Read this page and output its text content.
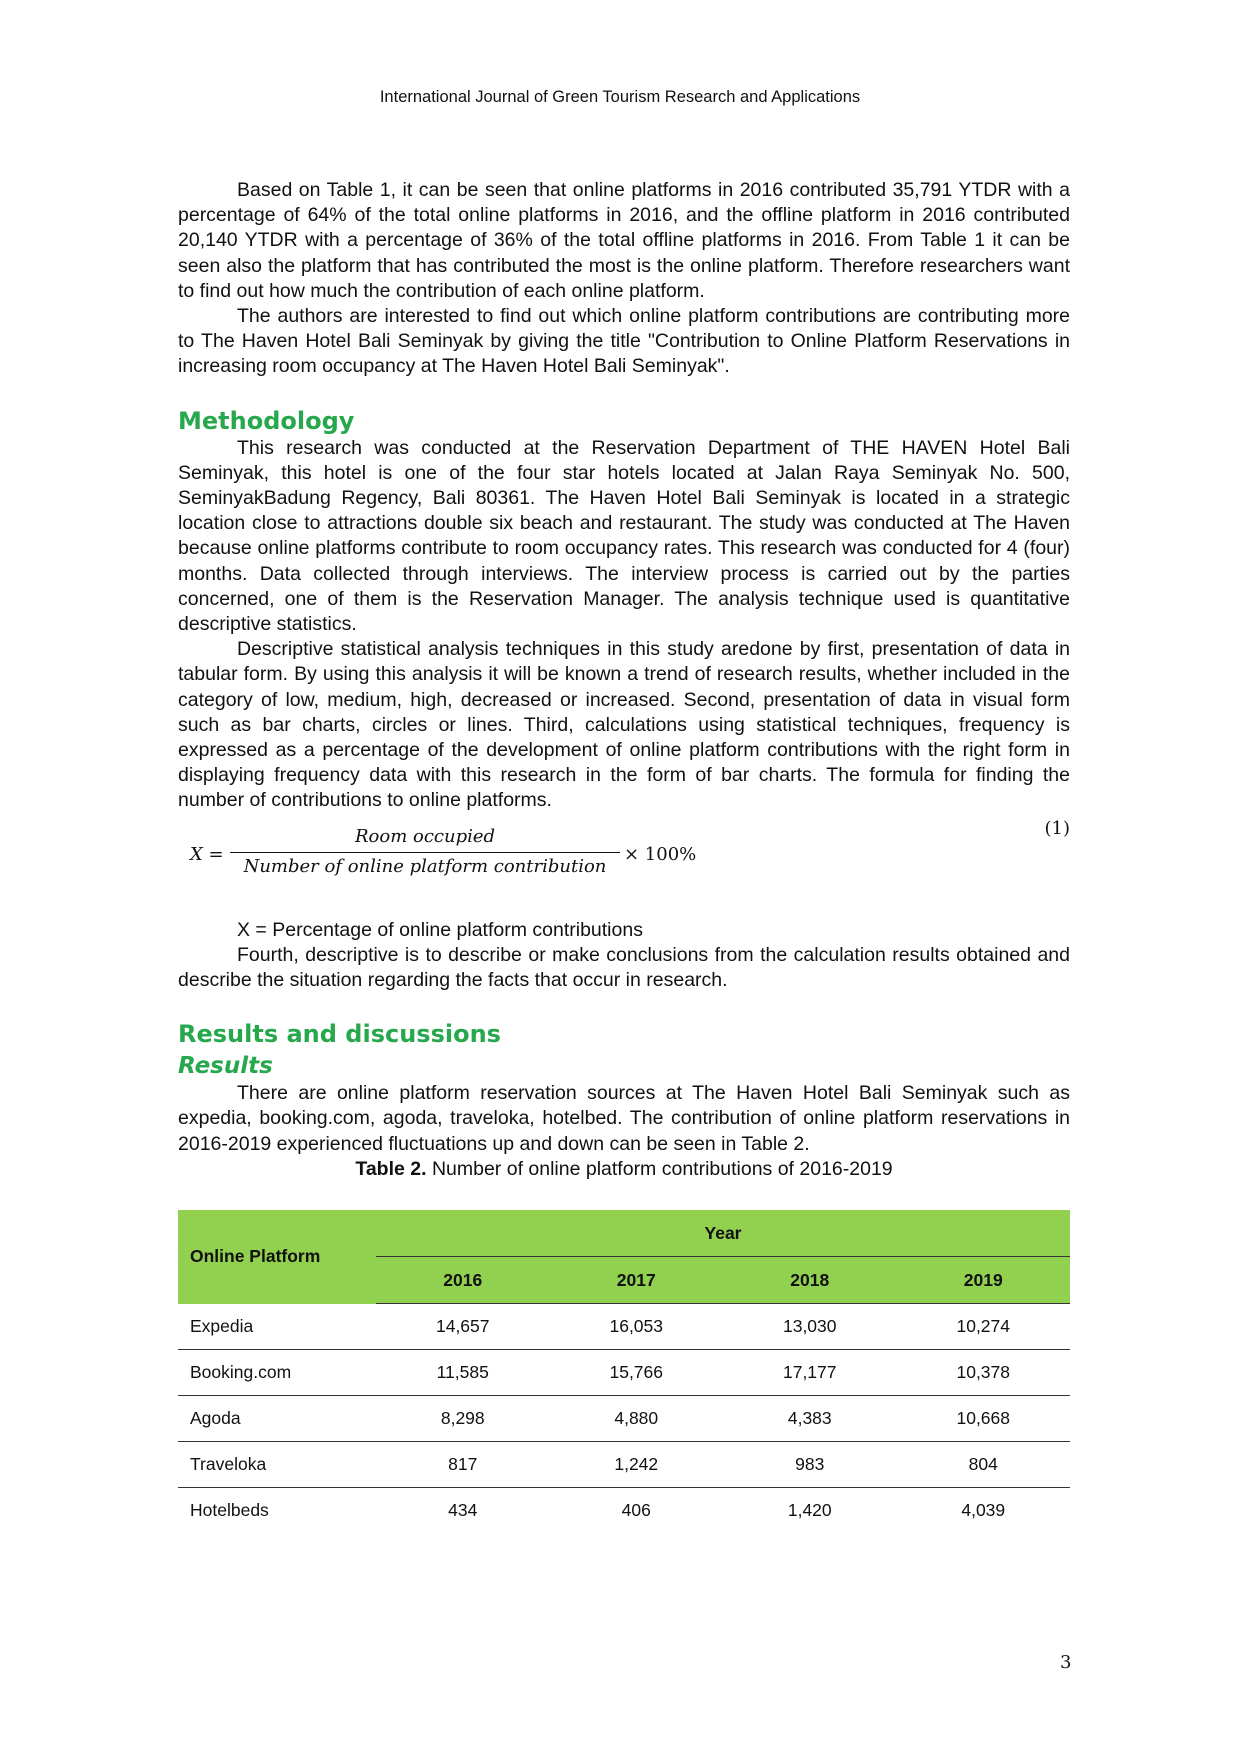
International Journal of Green Tourism Research and Applications

Based on Table 1, it can be seen that online platforms in 2016 contributed 35,791 YTDR with a percentage of 64% of the total online platforms in 2016, and the offline platform in 2016 contributed 20,140 YTDR with a percentage of 36% of the total offline platforms in 2016. From Table 1 it can be seen also the platform that has contributed the most is the online platform. Therefore researchers want to find out how much the contribution of each online platform.

The authors are interested to find out which online platform contributions are contributing more to The Haven Hotel Bali Seminyak by giving the title "Contribution to Online Platform Reservations in increasing room occupancy at The Haven Hotel Bali Seminyak".

Methodology

This research was conducted at the Reservation Department of THE HAVEN Hotel Bali Seminyak, this hotel is one of the four star hotels located at Jalan Raya Seminyak No. 500, SeminyakBadung Regency, Bali 80361. The Haven Hotel Bali Seminyak is located in a strategic location close to attractions double six beach and restaurant. The study was conducted at The Haven because online platforms contribute to room occupancy rates. This research was conducted for 4 (four) months. Data collected through interviews. The interview process is carried out by the parties concerned, one of them is the Reservation Manager. The analysis technique used is quantitative descriptive statistics.

Descriptive statistical analysis techniques in this study aredone by first, presentation of data in tabular form. By using this analysis it will be known a trend of research results, whether included in the category of low, medium, high, decreased or increased. Second, presentation of data in visual form such as bar charts, circles or lines. Third, calculations using statistical techniques, frequency is expressed as a percentage of the development of online platform contributions with the right form in displaying frequency data with this research in the form of bar charts. The formula for finding the number of contributions to online platforms.

X =
Room occupied
Number of online platform contribution
× 100%
(1)

X = Percentage of online platform contributions

Fourth, descriptive is to describe or make conclusions from the calculation results obtained and describe the situation regarding the facts that occur in research.

Results and discussions
Results

There are online platform reservation sources at The Haven Hotel Bali Seminyak such as expedia, booking.com, agoda, traveloka, hotelbed. The contribution of online platform reservations in 2016-2019 experienced fluctuations up and down can be seen in Table 2.

Table 2. Number of online platform contributions of 2016-2019
Online Platform	Year			
	2016	2017	2018	2019
Expedia	14,657	16,053	13,030	10,274
Booking.com	11,585	15,766	17,177	10,378
Agoda	8,298	4,880	4,383	10,668
Traveloka	817	1,242	983	804
Hotelbeds	434	406	1,420	4,039
3
